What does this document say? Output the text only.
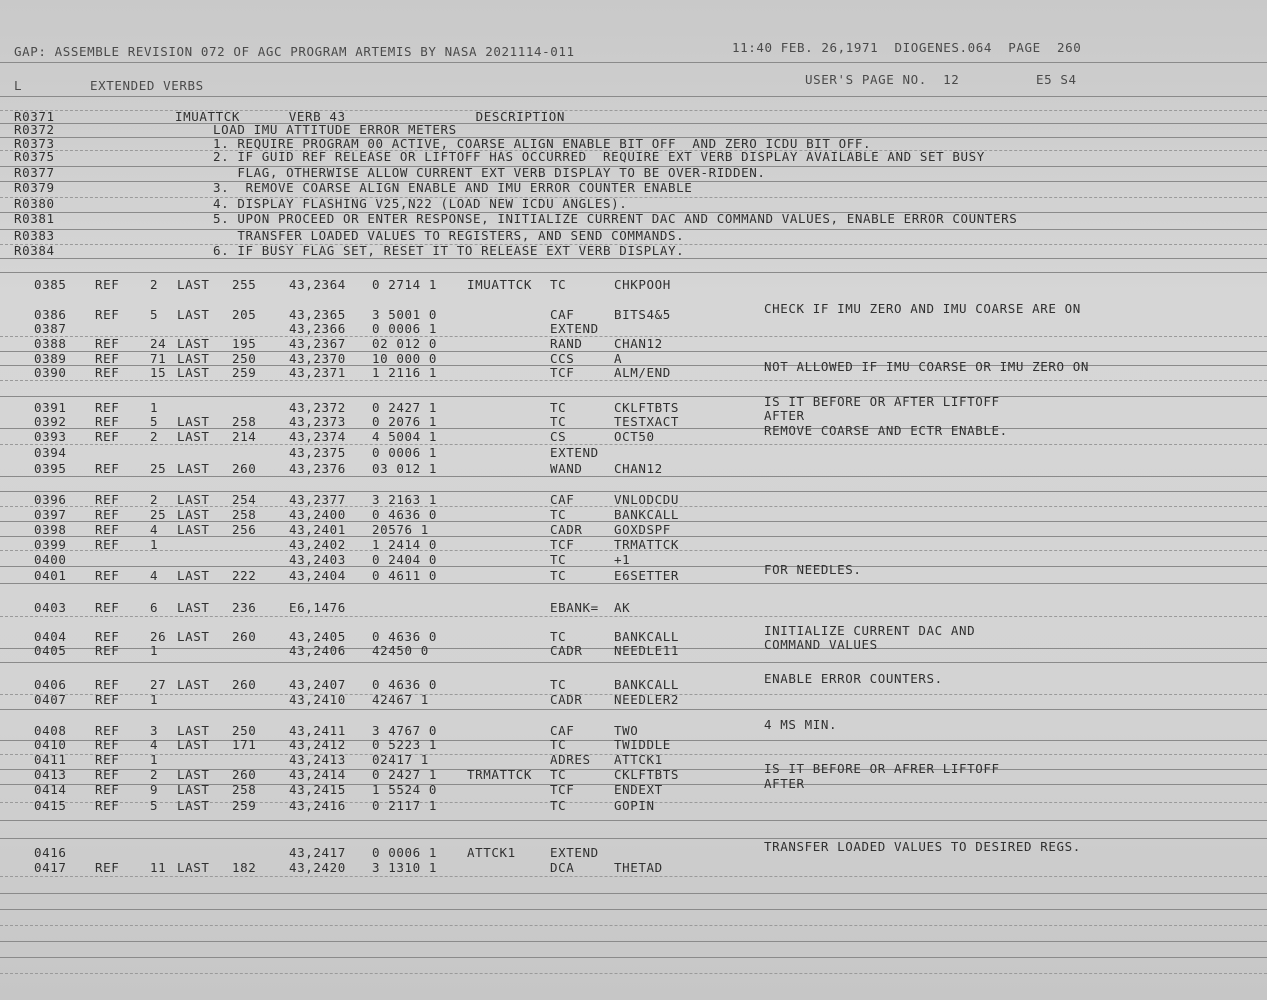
GAP: ASSEMBLE REVISION 072 OF AGC PROGRAM ARTEMIS BY NASA 2021114-011	11:40 FEB. 26,1971  DIOGENES.064  PAGE  260
L	EXTENDED VERBS	USER'S PAGE NO.  12	E5 S4
R0371	IMUATTCK      VERB 43                DESCRIPTION
R0372	LOAD IMU ATTITUDE ERROR METERS
R0373	1. REQUIRE PROGRAM 00 ACTIVE, COARSE ALIGN ENABLE BIT OFF  AND ZERO ICDU BIT OFF.
R0375	2. IF GUID REF RELEASE OR LIFTOFF HAS OCCURRED  REQUIRE EXT VERB DISPLAY AVAILABLE AND SET BUSY
R0377	FLAG, OTHERWISE ALLOW CURRENT EXT VERB DISPLAY TO BE OVER-RIDDEN.
R0379	3.  REMOVE COARSE ALIGN ENABLE AND IMU ERROR COUNTER ENABLE
R0380	4. DISPLAY FLASHING V25,N22 (LOAD NEW ICDU ANGLES).
R0381	5. UPON PROCEED OR ENTER RESPONSE, INITIALIZE CURRENT DAC AND COMMAND VALUES, ENABLE ERROR COUNTERS
R0383	TRANSFER LOADED VALUES TO REGISTERS, AND SEND COMMANDS.
R0384	6. IF BUSY FLAG SET, RESET IT TO RELEASE EXT VERB DISPLAY.
0385 REF 2 LAST 255	43,2364 0 2714 1 IMUATTCK TC	CHKPOOH
0386 REF 5 LAST 205	43,2365 3 5001 0	CAF	BITS4&5	CHECK IF IMU ZERO AND IMU COARSE ARE ON
0387	43,2366 0 0006 1	EXTEND
0388 REF 24 LAST 195	43,2367 02 012 0	RAND	CHAN12
0389 REF 71 LAST 250	43,2370 10 000 0	CCS	A
0390 REF 15 LAST 259	43,2371 1 2116 1	TCF	ALM/END	NOT ALLOWED IF IMU COARSE OR IMU ZERO ON
0391 REF 1	43,2372 0 2427 1	TC	CKLFTBTS	IS IT BEFORE OR AFTER LIFTOFF
0392 REF 5 LAST 258	43,2373 0 2076 1	TC	TESTXACT	AFTER
0393 REF 2 LAST 214	43,2374 4 5004 1	CS	OCT50	REMOVE COARSE AND ECTR ENABLE.
0394	43,2375 0 0006 1	EXTEND
0395 REF 25 LAST 260	43,2376 03 012 1	WAND	CHAN12
0396 REF 2 LAST 254	43,2377 3 2163 1	CAF	VNLODCDU
0397 REF 25 LAST 258	43,2400 0 4636 0	TC	BANKCALL
0398 REF 4 LAST 256	43,2401 20576 1	CADR	GOXDSPF
0399 REF 1	43,2402 1 2414 0	TCF	TRMATTCK
0400	43,2403 0 2404 0	TC	+1
0401 REF 4 LAST 222	43,2404 0 4611 0	TC	E6SETTER	FOR NEEDLES.
0403 REF 6 LAST 236	E6,1476	EBANK= AK
0404 REF 26 LAST 260	43,2405 0 4636 0	TC	BANKCALL	INITIALIZE CURRENT DAC AND
0405 REF 1	43,2406 42450 0	CADR	NEEDLE11	COMMAND VALUES
0406 REF 27 LAST 260	43,2407 0 4636 0	TC	BANKCALL	ENABLE ERROR COUNTERS.
0407 REF 1	43,2410 42467 1	CADR	NEEDLER2
0408 REF 3 LAST 250	43,2411 3 4767 0	CAF	TWO	4 MS MIN.
0410 REF 4 LAST 171	43,2412 0 5223 1	TC	TWIDDLE
0411 REF 1	43,2413 02417 1	ADRES ATTCK1
0413 REF 2 LAST 260	43,2414 0 2427 1 TRMATTCK TC	CKLFTBTS	IS IT BEFORE OR AFRER LIFTOFF
0414 REF 9 LAST 258	43,2415 1 5524 0	TCF	ENDEXT	AFTER
0415 REF 5 LAST 259	43,2416 0 2117 1	TC	GOPIN
0416	43,2417 0 0006 1 ATTCK1	EXTEND	TRANSFER LOADED VALUES TO DESIRED REGS.
0417 REF 11 LAST 182	43,2420 3 1310 1	DCA	THETAD
